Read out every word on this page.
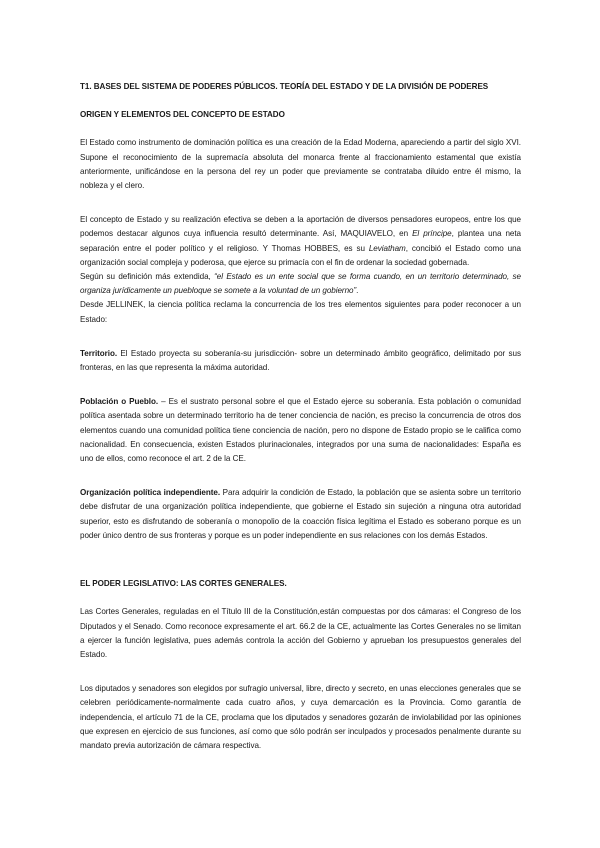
T1. BASES DEL SISTEMA DE PODERES PÚBLICOS. TEORÍA DEL ESTADO Y DE LA DIVISIÓN DE PODERES
ORIGEN Y ELEMENTOS DEL CONCEPTO DE ESTADO

El Estado como instrumento de dominación política es una creación de la Edad Moderna, apareciendo a partir del siglo XVI. Supone el reconocimiento de la supremacía absoluta del monarca frente al fraccionamiento estamental que existía anteriormente, unificándose en la persona del rey un poder que previamente se contrataba diluido entre él mismo, la nobleza y el clero.

El concepto de Estado y su realización efectiva se deben a la aportación de diversos pensadores europeos, entre los que podemos destacar algunos cuya influencia resultó determinante. Así, MAQUIAVELO, en El príncipe, plantea una neta separación entre el poder político y el religioso. Y Thomas HOBBES, es su Leviatham, concibió el Estado como una organización social compleja y poderosa, que ejerce su primacía con el fin de ordenar la sociedad gobernada.

Según su definición más extendida, “el Estado es un ente social que se forma cuando, en un territorio determinado, se organiza jurídicamente un puebloque se somete a la voluntad de un gobierno”.

Desde JELLINEK, la ciencia política reclama la concurrencia de los tres elementos siguientes para poder reconocer a un Estado:

Territorio. El Estado proyecta su soberanía-su jurisdicción- sobre un determinado ámbito geográfico, delimitado por sus fronteras, en las que representa la máxima autoridad.

Población o Pueblo. – Es el sustrato personal sobre el que el Estado ejerce su soberanía. Esta población o comunidad política asentada sobre un determinado territorio ha de tener conciencia de nación, es preciso la concurrencia de otros dos elementos cuando una comunidad política tiene conciencia de nación, pero no dispone de Estado propio se le califica como nacionalidad. En consecuencia, existen Estados plurinacionales, integrados por una suma de nacionalidades: España es uno de ellos, como reconoce el art. 2 de la CE.

Organización política independiente. Para adquirir la condición de Estado, la población que se asienta sobre un territorio debe disfrutar de una organización política independiente, que gobierne el Estado sin sujeción a ninguna otra autoridad superior, esto es disfrutando de soberanía o monopolio de la coacción física legítima el Estado es soberano porque es un poder único dentro de sus fronteras y porque es un poder independiente en sus relaciones con los demás Estados.

EL PODER LEGISLATIVO: LAS CORTES GENERALES.

Las Cortes Generales, reguladas en el Título III de la Constitución,están compuestas por dos cámaras: el Congreso de los Diputados y el Senado. Como reconoce expresamente el art. 66.2 de la CE, actualmente las Cortes Generales no se limitan a ejercer la función legislativa, pues además controla la acción del Gobierno y aprueban los presupuestos generales del Estado.

Los diputados y senadores son elegidos por sufragio universal, libre, directo y secreto, en unas elecciones generales que se celebren periódicamente-normalmente cada cuatro años, y cuya demarcación es la Provincia. Como garantía de independencia, el artículo 71 de la CE, proclama que los diputados y senadores gozarán de inviolabilidad por las opiniones que expresen en ejercicio de sus funciones, así como que sólo podrán ser inculpados y procesados penalmente durante su mandato previa autorización de cámara respectiva.
